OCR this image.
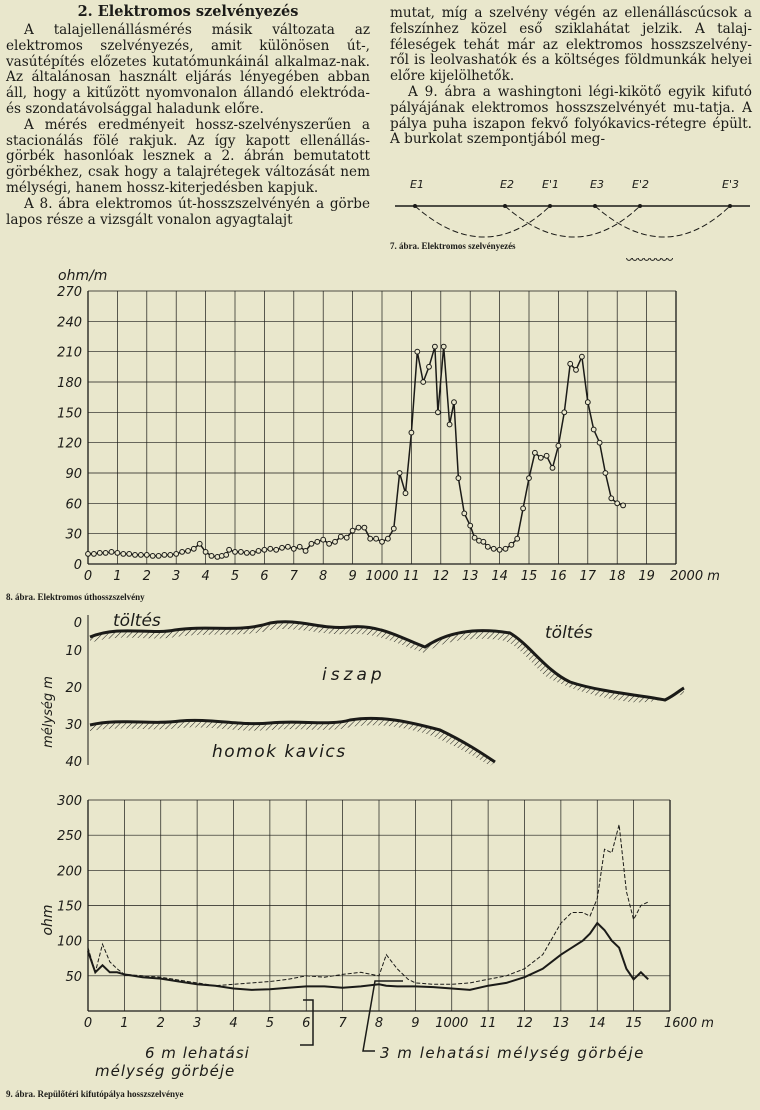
2. Elektromos szelvényezés

A talajellenállásmérés másik változata az elektromos szelvényezés, amit különösen út-, vasútépítés előzetes kutatómunkáinál alkalmaz-nak. Az általánosan használt eljárás lényegében abban áll, hogy a kitűzött nyomvonalon állandó elektróda- és szondatávolsággal haladunk előre.

A mérés eredményeit hossz-szelvényszerűen a stacionálás fölé rakjuk. Az így kapott ellenállás-görbék hasonlóak lesznek a 2. ábrán bemutatott görbékhez, csak hogy a talajrétegek változását nem mélységi, hanem hossz-kiterjedésben kapjuk.

A 8. ábra elektromos út-hosszszelvényén a görbe lapos része a vizsgált vonalon agyagtalajt

mutat, míg a szelvény végén az ellenálláscúcsok a felszínhez közel eső sziklahátat jelzik. A talaj-féleségek tehát már az elektromos hosszszelvény-ről is leolvashatók és a költséges földmunkák helyei előre kijelölhetők.

A 9. ábra a washingtoni légi-kikötő egyik kifutó pályájának elektromos hosszszelvényét mu-tatja. A pálya puha iszapon fekvő folyókavics-rétegre épült. A burkolat szempontjából meg-

E1	E2	E'1	E3	E'2	E'3
7. ábra. Elektromos szelvényezés
ohm/m
0
30
60
90
120
150
180
210
240
270
0 1 2 3 4 5 6 7 8 9 1000 11 12 13 14 15 16 17 18 19 2000 m
8. ábra. Elektromos úthosszszelvény
mélység m
0
10
20
30
40
töltés
töltés
iszap
homok kavics
ohm
50
100
150
200
250
300
0 1 2 3 4 5 6 7 8 9 1000 11 12 13 14 15 1600 m
6 m lehatási
mélység görbéje
3 m lehatási mélység görbéje
9. ábra. Repülőtéri kifutópálya hosszszelvénye
